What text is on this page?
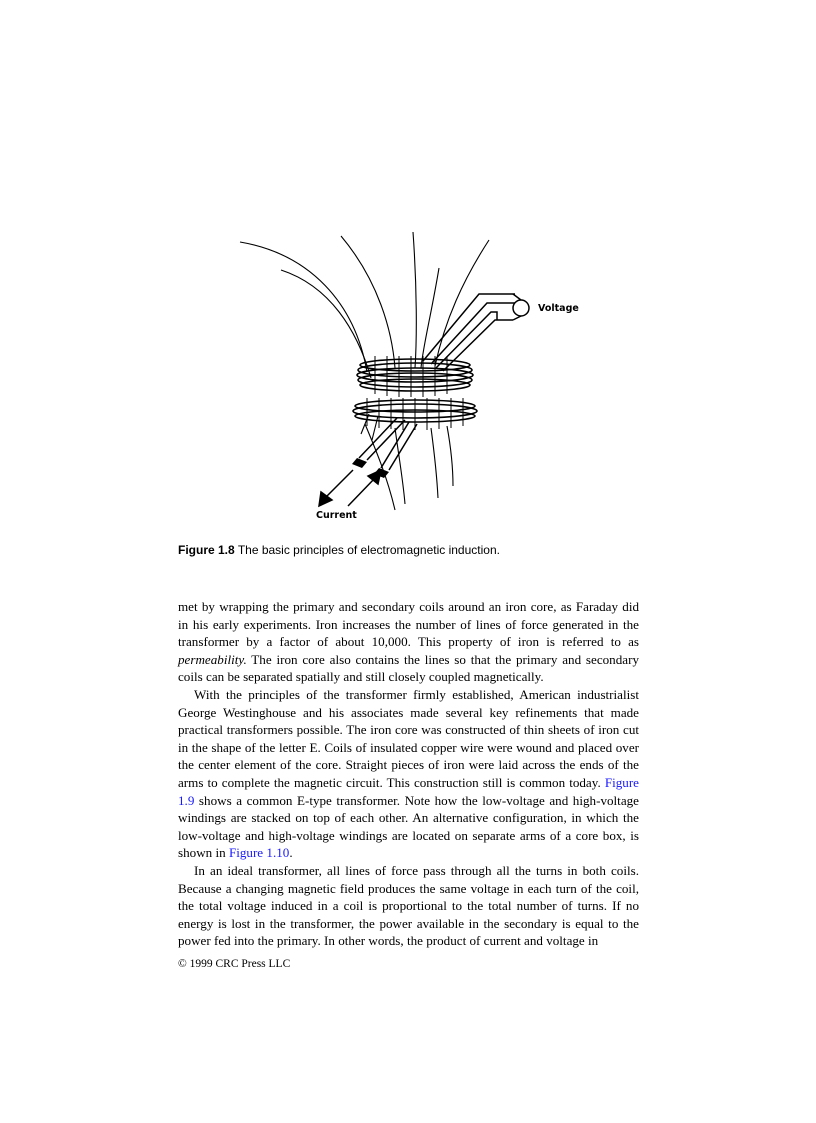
Voltage
Current
Figure 1.8 The basic principles of electromagnetic induction.

met by wrapping the primary and secondary coils around an iron core, as Faraday did in his early experiments. Iron increases the number of lines of force generated in the transformer by a factor of about 10,000. This property of iron is referred to as permeability. The iron core also contains the lines so that the primary and secondary coils can be separated spatially and still closely coupled magnetically.

With the principles of the transformer firmly established, American industrialist George Westinghouse and his associates made several key refinements that made practical transformers possible. The iron core was constructed of thin sheets of iron cut in the shape of the letter E. Coils of insulated copper wire were wound and placed over the center element of the core. Straight pieces of iron were laid across the ends of the arms to complete the magnetic circuit. This construction still is common today. Figure 1.9 shows a common E-type transformer. Note how the low-voltage and high-voltage windings are stacked on top of each other. An alternative configuration, in which the low-voltage and high-voltage windings are located on separate arms of a core box, is shown in Figure 1.10.

In an ideal transformer, all lines of force pass through all the turns in both coils. Because a changing magnetic field produces the same voltage in each turn of the coil, the total voltage induced in a coil is proportional to the total number of turns. If no energy is lost in the transformer, the power available in the secondary is equal to the power fed into the primary. In other words, the product of current and voltage in

© 1999 CRC Press LLC
